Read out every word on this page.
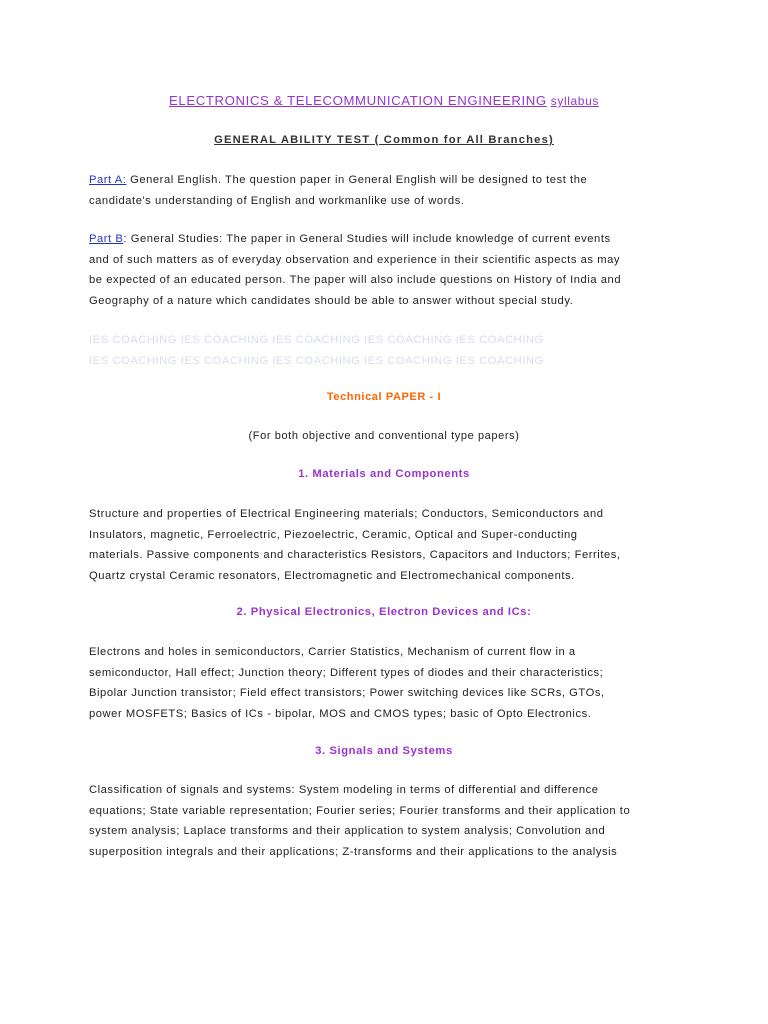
ELECTRONICS & TELECOMMUNICATION ENGINEERING syllabus
GENERAL ABILITY TEST ( Common for All Branches)
Part A: General English. The question paper in General English will be designed to test the
candidate's understanding of English and workmanlike use of words.
Part B: General Studies: The paper in General Studies will include knowledge of current events
and of such matters as of everyday observation and experience in their scientific aspects as may
be expected of an educated person. The paper will also include questions on History of India and
Geography of a nature which candidates should be able to answer without special study.
IES COACHING IES COACHING IES COACHING IES COACHING IES COACHING
IES COACHING IES COACHING IES COACHING IES COACHING IES COACHING
Technical PAPER - I
(For both objective and conventional type papers)
1. Materials and Components
Structure and properties of Electrical Engineering materials; Conductors, Semiconductors and
Insulators, magnetic, Ferroelectric, Piezoelectric, Ceramic, Optical and Super-conducting
materials. Passive components and characteristics Resistors, Capacitors and Inductors; Ferrites,
Quartz crystal Ceramic resonators, Electromagnetic and Electromechanical components.
2. Physical Electronics, Electron Devices and ICs:
Electrons and holes in semiconductors, Carrier Statistics, Mechanism of current flow in a
semiconductor, Hall effect; Junction theory; Different types of diodes and their characteristics;
Bipolar Junction transistor; Field effect transistors; Power switching devices like SCRs, GTOs,
power MOSFETS; Basics of ICs - bipolar, MOS and CMOS types; basic of Opto Electronics.
3. Signals and Systems
Classification of signals and systems: System modeling in terms of differential and difference
equations; State variable representation; Fourier series; Fourier transforms and their application to
system analysis; Laplace transforms and their application to system analysis; Convolution and
superposition integrals and their applications; Z-transforms and their applications to the analysis
